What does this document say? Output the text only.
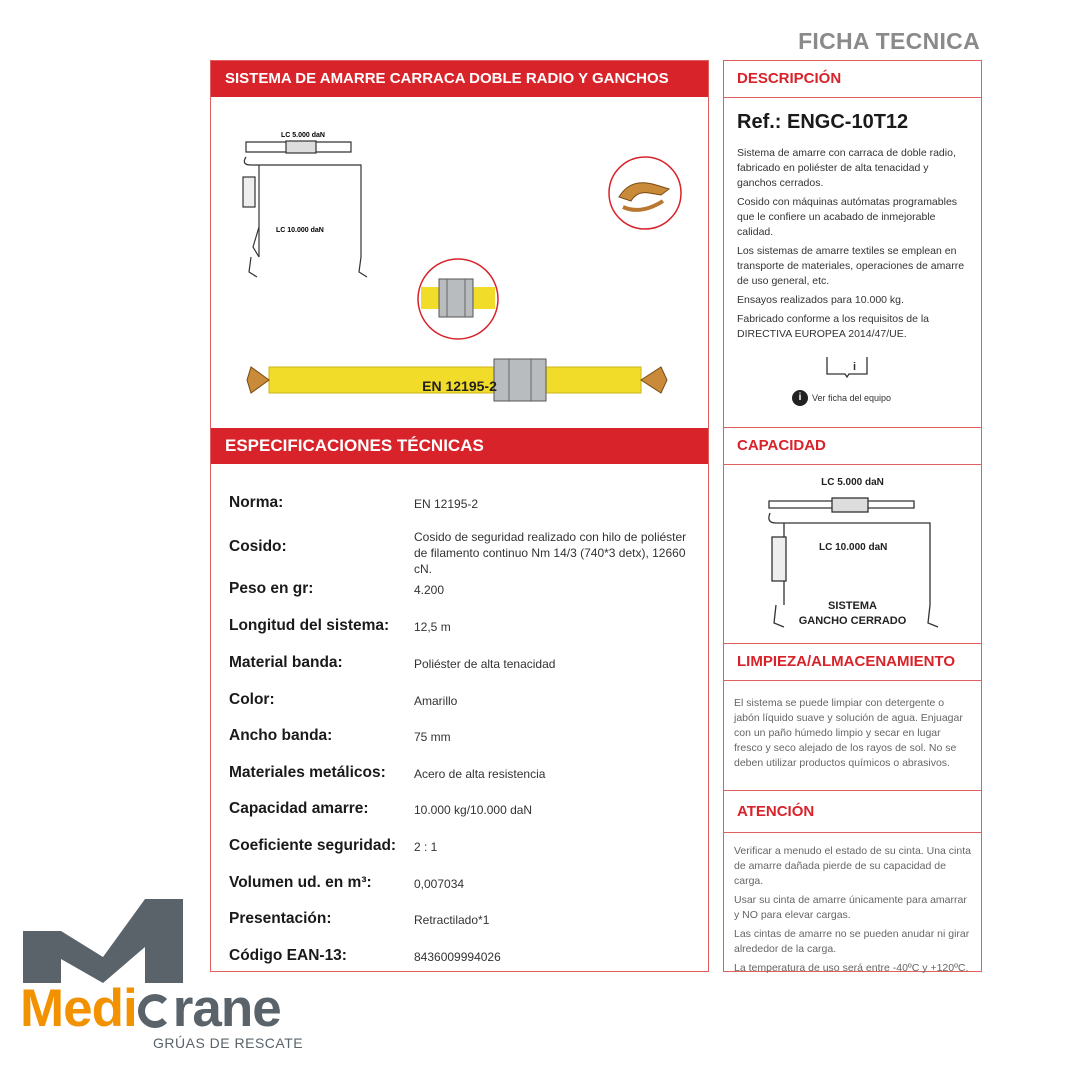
FICHA TECNICA
SISTEMA DE AMARRE CARRACA DOBLE RADIO Y GANCHOS CERRADOS
LC 5.000 daN
LC 10.000 daN
EN 12195-2
ESPECIFICACIONES TÉCNICAS
Norma:	EN 12195-2
Cosido:
Cosido de seguridad realizado con hilo de poliéster de filamento continuo Nm 14/3 (740*3 detx), 12660 cN.
Peso en gr:	4.200
Longitud del sistema: 12,5 m
Material banda:	Poliéster de alta tenacidad
Color:	Amarillo
Ancho banda:	75 mm
Materiales metálicos: Acero de alta resistencia
Capacidad amarre:	10.000 kg/10.000 daN
Coeficiente seguridad: 2 : 1
Volumen ud. en m³:	0,007034
Presentación:	Retractilado*1
Código EAN-13:	8436009994026
DESCRIPCIÓN
Ref.: ENGC-10T12
Sistema de amarre con carraca de doble radio, fabricado en poliéster de alta tenacidad y ganchos cerrados.
Cosido con máquinas autómatas programables que le confiere un acabado de inmejorable calidad.
Los sistemas de amarre textiles se emplean en transporte de materiales, operaciones de amarre de uso general, etc.
Ensayos realizados para 10.000 kg.
Fabricado conforme a los requisitos de la DIRECTIVA EUROPEA 2014/47/UE.
i
i	Ver ficha del equipo
CAPACIDAD
LC 5.000 daN
LC 10.000 daN
SISTEMA
GANCHO CERRADO
LIMPIEZA/ALMACENAMIENTO
El sistema se puede limpiar con detergente o jabón líquido suave y solución de agua. Enjuagar con un paño húmedo limpio y secar en lugar fresco y seco alejado de los rayos de sol. No se deben utilizar productos químicos o abrasivos.
ATENCIÓN
Verificar a menudo el estado de su cinta. Una cinta de amarre dañada pierde de su capacidad de carga.
Usar su cinta de amarre únicamente para amarrar y NO para elevar cargas.
Las cintas de amarre no se pueden anudar ni girar alrededor de la carga.
La temperatura de uso será entre -40ºC y +120ºC.
Medi rane
GRÚAS DE RESCATE
